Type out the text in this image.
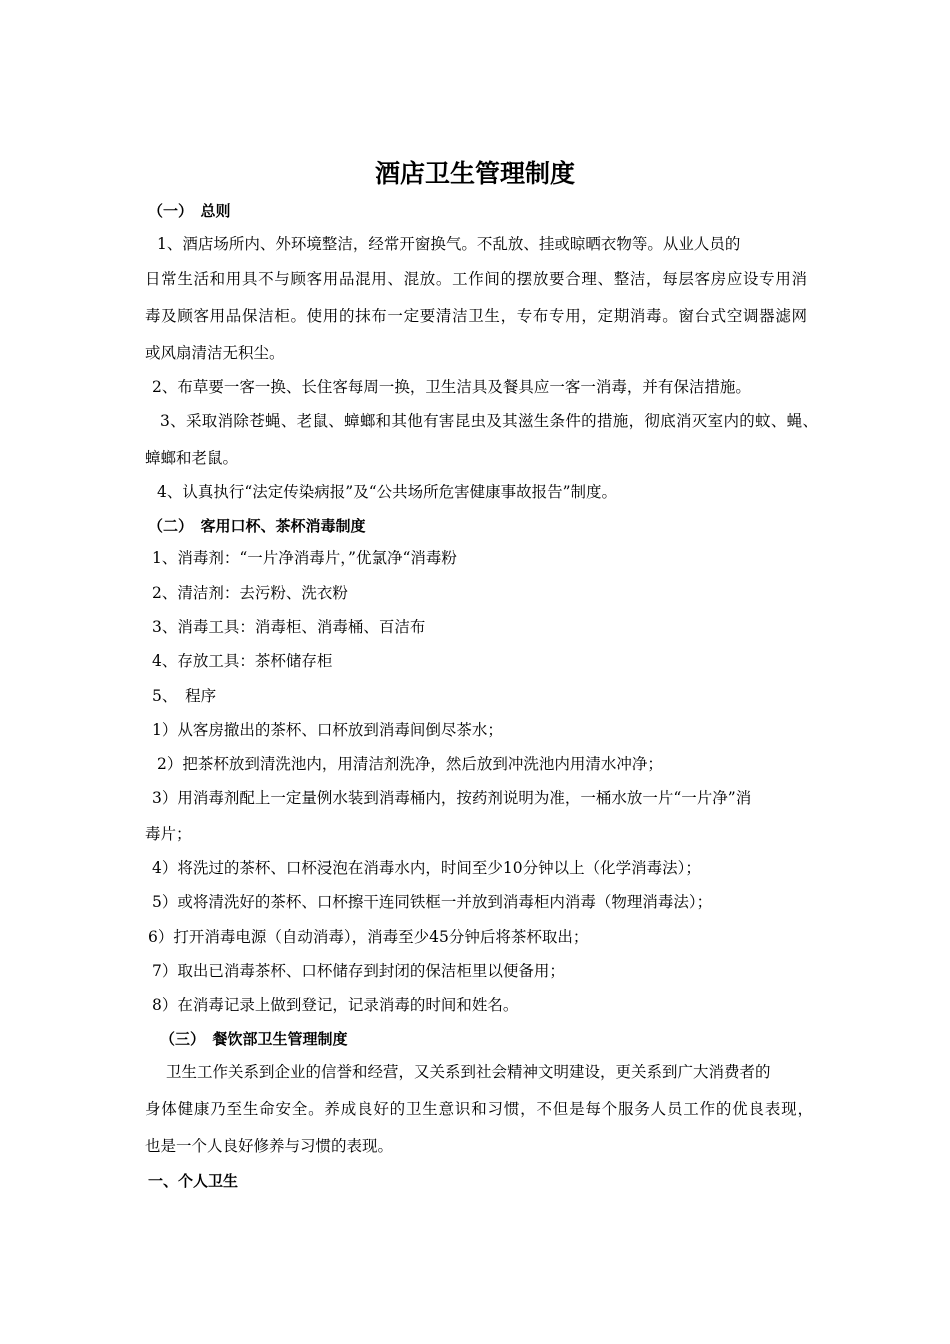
酒店卫生管理制度
（一）　总则
1、酒店场所内、外环境整洁，经常开窗换气。不乱放、挂或晾晒衣物等。从业人员的
日常生活和用具不与顾客用品混用、混放。工作间的摆放要合理、整洁，每层客房应设专用消
毒及顾客用品保洁柜。使用的抹布一定要清洁卫生，专布专用，定期消毒。窗台式空调器滤网
或风扇清洁无积尘。
2、布草要一客一换、长住客每周一换，卫生洁具及餐具应一客一消毒，并有保洁措施。
3、采取消除苍蝇、老鼠、蟑螂和其他有害昆虫及其滋生条件的措施，彻底消灭室内的蚊、蝇、
蟑螂和老鼠。
4、认真执行“法定传染病报”及“公共场所危害健康事故报告”制度。
（二）　客用口杯、茶杯消毒制度
1、消毒剂：“一片净消毒片，”优氯净“消毒粉
2、清洁剂：去污粉、洗衣粉
3、消毒工具：消毒柜、消毒桶、百洁布
4、存放工具：茶杯储存柜
5、　程序
1）从客房撤出的茶杯、口杯放到消毒间倒尽茶水；
2）把茶杯放到清洗池内，用清洁剂洗净，然后放到冲洗池内用清水冲净；
3）用消毒剂配上一定量例水装到消毒桶内，按药剂说明为准，一桶水放一片“一片净”消
毒片；
4）将洗过的茶杯、口杯浸泡在消毒水内，时间至少10分钟以上（化学消毒法）；
5）或将清洗好的茶杯、口杯擦干连同铁框一并放到消毒柜内消毒（物理消毒法）；
6）打开消毒电源（自动消毒），消毒至少45分钟后将茶杯取出；
7）取出已消毒茶杯、口杯储存到封闭的保洁柜里以便备用；
8）在消毒记录上做到登记，记录消毒的时间和姓名。
（三）　餐饮部卫生管理制度
卫生工作关系到企业的信誉和经营，又关系到社会精神文明建设，更关系到广大消费者的
身体健康乃至生命安全。养成良好的卫生意识和习惯，不但是每个服务人员工作的优良表现，
也是一个人良好修养与习惯的表现。
一、个人卫生
